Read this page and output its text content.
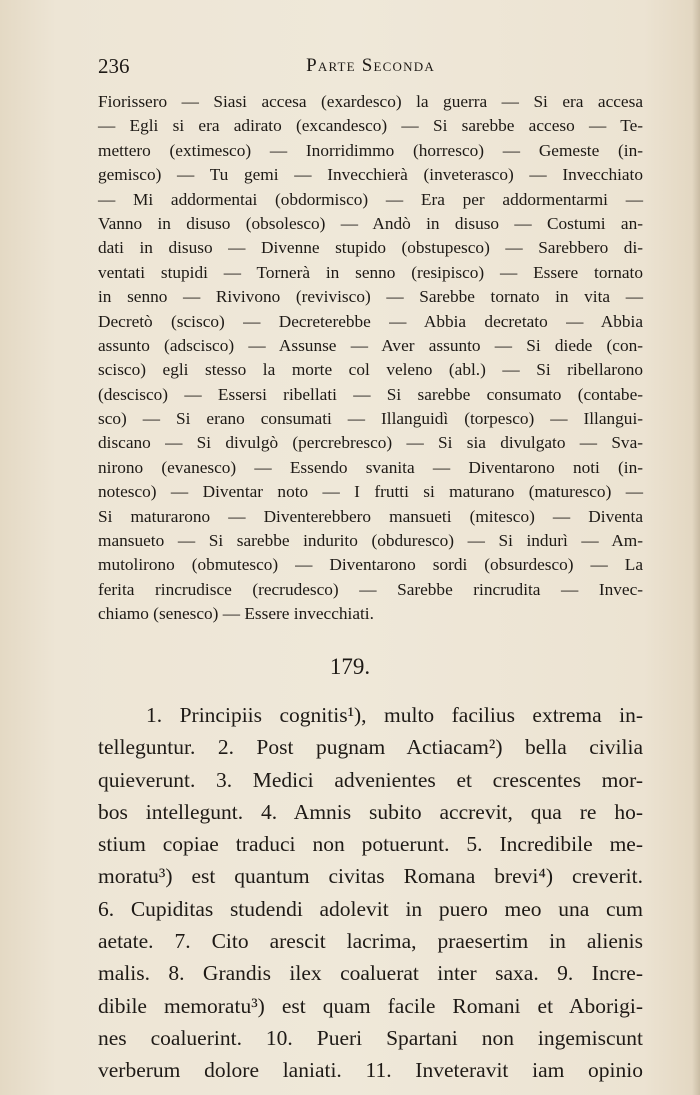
236	Parte Seconda
Fiorissero — Siasi accesa (exardesco) la guerra — Si era accesa
— Egli si era adirato (excandesco) — Si sarebbe acceso — Te-
mettero (extimesco) — Inorridimmo (horresco) — Gemeste (in-
gemisco) — Tu gemi — Invecchierà (inveterasco) — Invecchiato
— Mi addormentai (obdormisco) — Era per addormentarmi —
Vanno in disuso (obsolesco) — Andò in disuso — Costumi an-
dati in disuso — Divenne stupido (obstupesco) — Sarebbero di-
ventati stupidi — Tornerà in senno (resipisco) — Essere tornato
in senno — Rivivono (revivisco) — Sarebbe tornato in vita —
Decretò (scisco) — Decreterebbe — Abbia decretato — Abbia
assunto (adscisco) — Assunse — Aver assunto — Si diede (con-
scisco) egli stesso la morte col veleno (abl.) — Si ribellarono
(descisco) — Essersi ribellati — Si sarebbe consumato (contabe-
sco) — Si erano consumati — Illanguidì (torpesco) — Illangui-
discano — Si divulgò (percrebresco) — Si sia divulgato — Sva-
nirono (evanesco) — Essendo svanita — Diventarono noti (in-
notesco) — Diventar noto — I frutti si maturano (maturesco) —
Si maturarono — Diventerebbero mansueti (mitesco) — Diventa
mansueto — Si sarebbe indurito (obduresco) — Si indurì — Am-
mutolirono (obmutesco) — Diventarono sordi (obsurdesco) — La
ferita rincrudisce (recrudesco) — Sarebbe rincrudita — Invec-
chiamo (senesco) — Essere invecchiati.
179.
1. Principiis cognitis¹), multo facilius extrema in-
telleguntur. 2. Post pugnam Actiacam²) bella civilia
quieverunt. 3. Medici advenientes et crescentes mor-
bos intellegunt. 4. Amnis subito accrevit, qua re ho-
stium copiae traduci non potuerunt. 5. Incredibile me-
moratu³) est quantum civitas Romana brevi⁴) creverit.
6. Cupiditas studendi adolevit in puero meo una cum
aetate. 7. Cito arescit lacrima, praesertim in alienis
malis. 8. Grandis ilex coaluerat inter saxa. 9. Incre-
dibile memoratu³) est quam facile Romani et Aborigi-
nes coaluerint. 10. Pueri Spartani non ingemiscunt
verberum dolore laniati. 11. Inveteravit iam opinio
